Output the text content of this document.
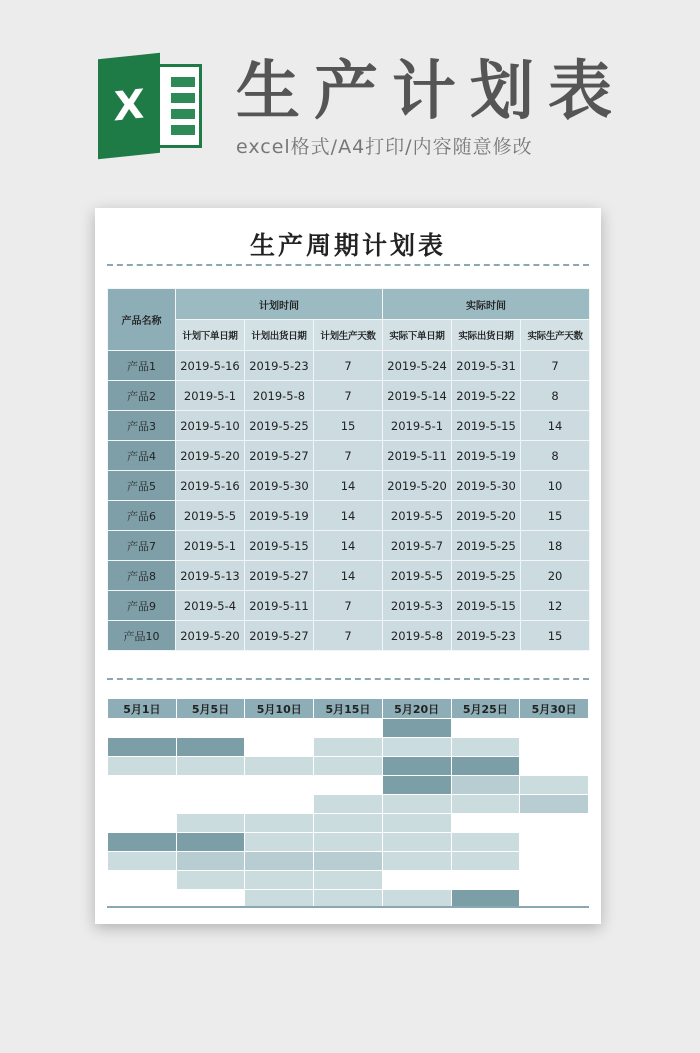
X 生产计划表
excel格式/A4打印/内容随意修改
生产周期计划表
产品名称	计划时间			实际时间		
	计划下单日期	计划出货日期	计划生产天数	实际下单日期	实际出货日期	实际生产天数
产品1	2019-5-16	2019-5-23	7	2019-5-24	2019-5-31	7
产品2	2019-5-1	2019-5-8	7	2019-5-14	2019-5-22	8
产品3	2019-5-10	2019-5-25	15	2019-5-1	2019-5-15	14
产品4	2019-5-20	2019-5-27	7	2019-5-11	2019-5-19	8
产品5	2019-5-16	2019-5-30	14	2019-5-20	2019-5-30	10
产品6	2019-5-5	2019-5-19	14	2019-5-5	2019-5-20	15
产品7	2019-5-1	2019-5-15	14	2019-5-7	2019-5-25	18
产品8	2019-5-13	2019-5-27	14	2019-5-5	2019-5-25	20
产品9	2019-5-4	2019-5-11	7	2019-5-3	2019-5-15	12
产品10	2019-5-20	2019-5-27	7	2019-5-8	2019-5-23	15
5月1日	5月5日	5月10日	5月15日	5月20日	5月25日	5月30日
